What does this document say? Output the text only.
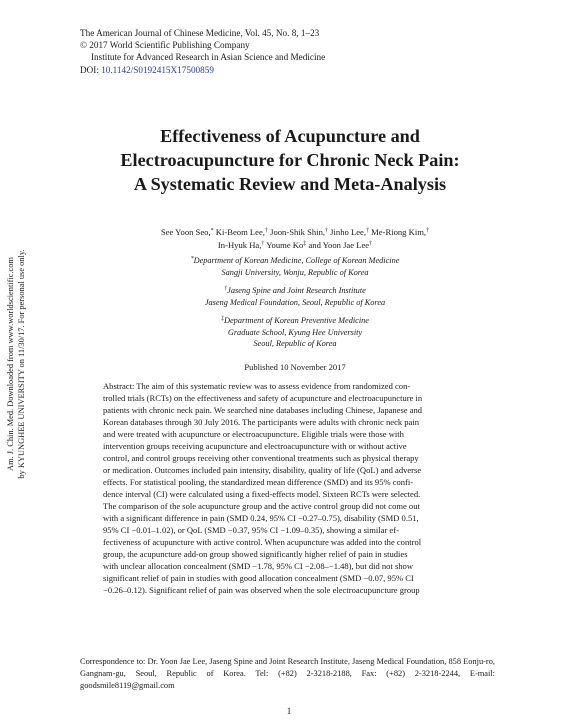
The American Journal of Chinese Medicine, Vol. 45, No. 8, 1–23
© 2017 World Scientific Publishing Company
Institute for Advanced Research in Asian Science and Medicine
DOI: 10.1142/S0192415X17500859
Effectiveness of Acupuncture and
Electroacupuncture for Chronic Neck Pain:
A Systematic Review and Meta-Analysis
See Yoon Seo,* Ki-Beom Lee,† Joon-Shik Shin,† Jinho Lee,† Me-Riong Kim,†
In-Hyuk Ha,† Youme Ko‡ and Yoon Jae Lee†
*Department of Korean Medicine, College of Korean Medicine
Sangji University, Wonju, Republic of Korea
†Jaseng Spine and Joint Research Institute
Jaseng Medical Foundation, Seoul, Republic of Korea
‡Department of Korean Preventive Medicine
Graduate School, Kyung Hee University
Seoul, Republic of Korea
Published 10 November 2017
Abstract: The aim of this systematic review was to assess evidence from randomized con-
trolled trials (RCTs) on the effectiveness and safety of acupuncture and electroacupuncture in
patients with chronic neck pain. We searched nine databases including Chinese, Japanese and
Korean databases through 30 July 2016. The participants were adults with chronic neck pain
and were treated with acupuncture or electroacupuncture. Eligible trials were those with
intervention groups receiving acupuncture and electroacupuncture with or without active
control, and control groups receiving other conventional treatments such as physical therapy
or medication. Outcomes included pain intensity, disability, quality of life (QoL) and adverse
effects. For statistical pooling, the standardized mean difference (SMD) and its 95% confi-
dence interval (CI) were calculated using a fixed-effects model. Sixteen RCTs were selected.
The comparison of the sole acupuncture group and the active control group did not come out
with a significant difference in pain (SMD 0.24, 95% CI −0.27–0.75), disability (SMD 0.51,
95% CI −0.01–1.02), or QoL (SMD −0.37, 95% CI −1.09–0.35), showing a similar ef-
fectiveness of acupuncture with active control. When acupuncture was added into the control
group, the acupuncture add-on group showed significantly higher relief of pain in studies
with unclear allocation concealment (SMD −1.78, 95% CI −2.08–−1.48), but did not show
significant relief of pain in studies with good allocation concealment (SMD −0.07, 95% CI
−0.26–0.12). Significant relief of pain was observed when the sole electroacupuncture group
Am. J. Chin. Med. Downloaded from www.worldscientific.com by KYUNGHEE UNIVERSITY on 11/30/17. For personal use only.
Correspondence to: Dr. Yoon Jae Lee, Jaseng Spine and Joint Research Institute, Jaseng Medical Foundation, 858 Eonju-ro, Gangnam-gu, Seoul, Republic of Korea. Tel: (+82) 2-3218-2188, Fax: (+82) 2-3218-2244, E-mail: goodsmile8119@gmail.com
1
